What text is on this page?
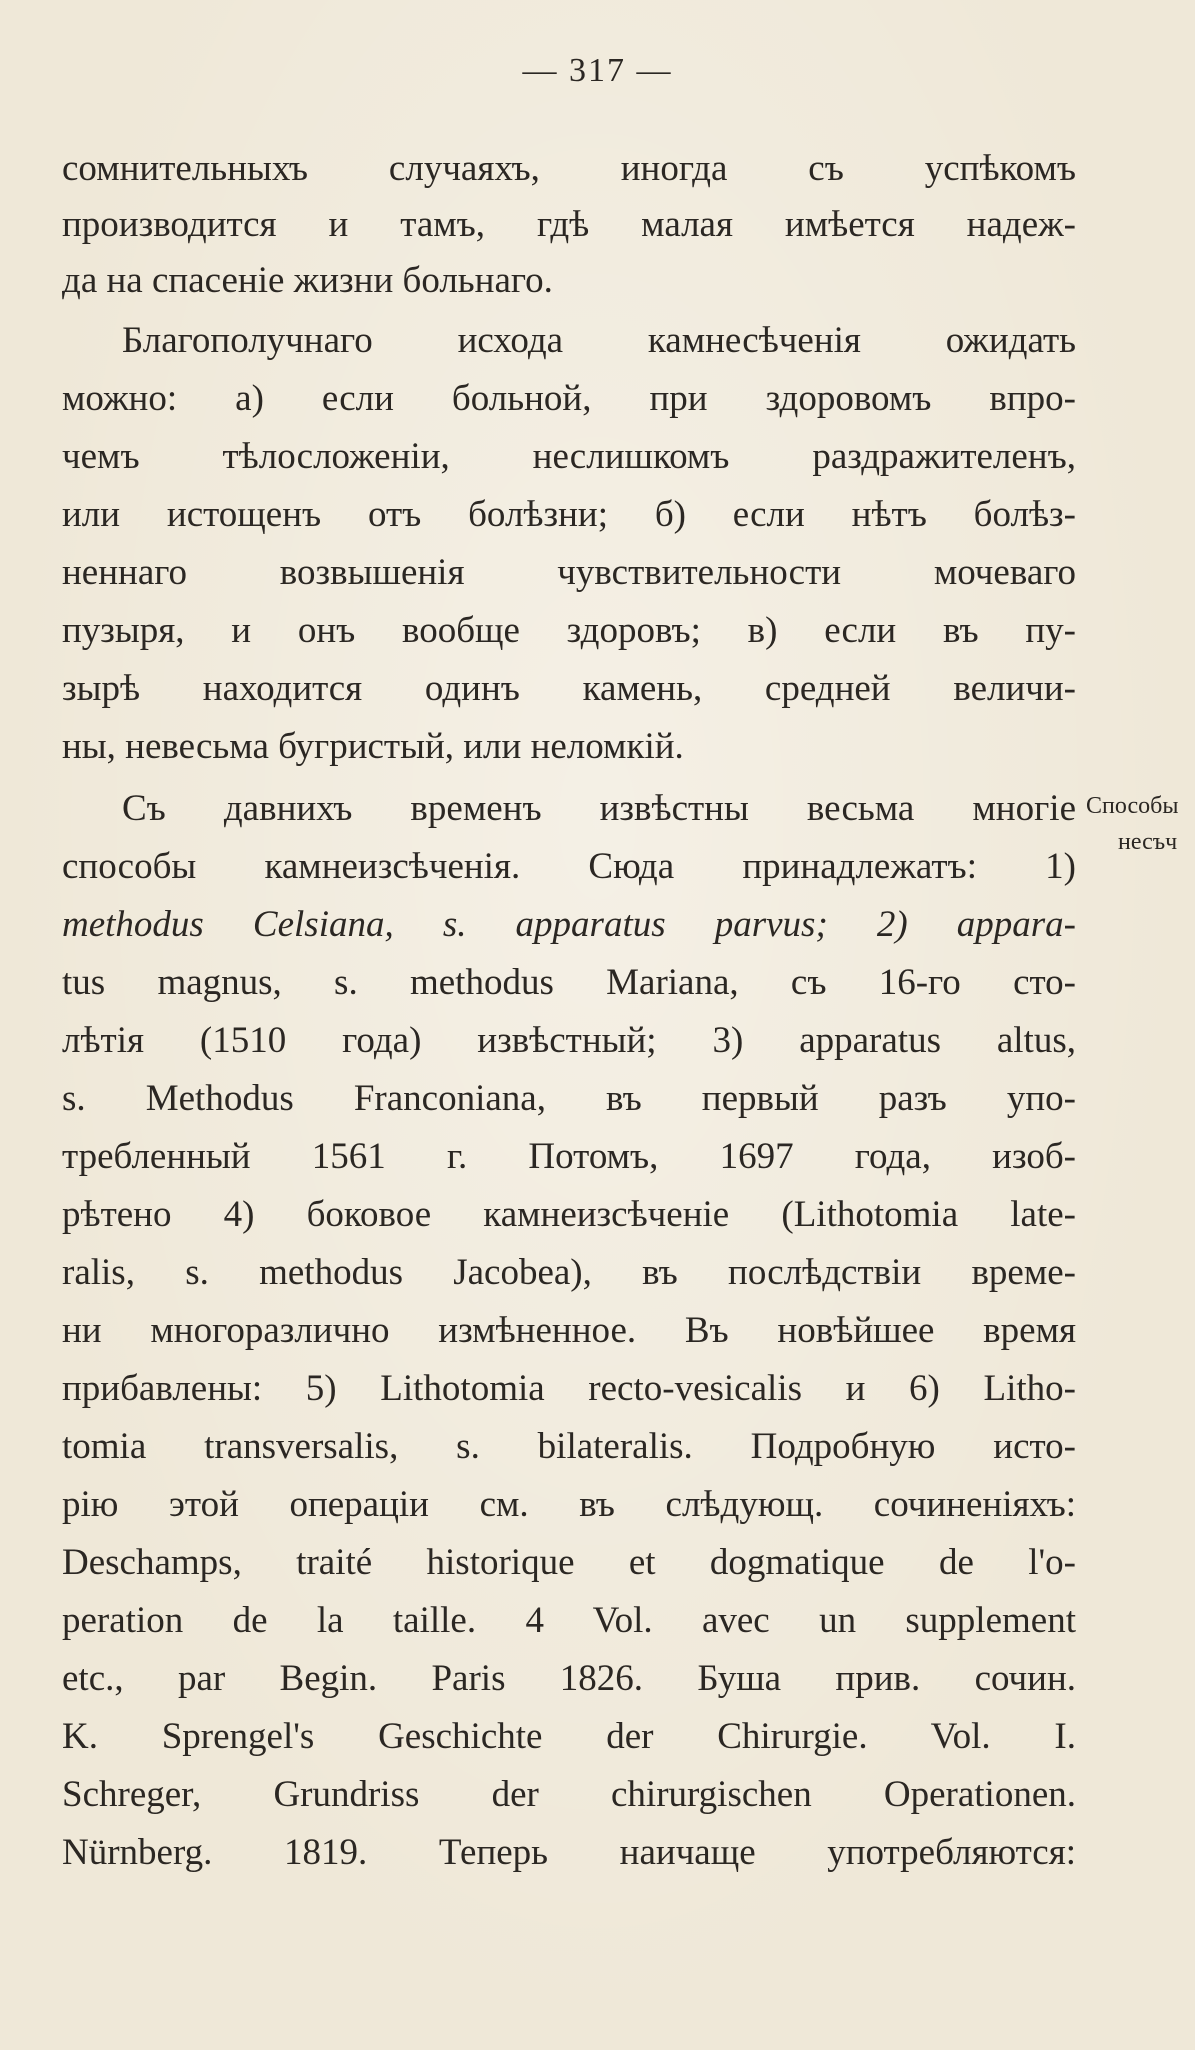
— 317 —
сомнительныхъ случаяхъ, иногда съ успѣкомъ
производится и тамъ, гдѣ малая имѣется надеж-
да на спасеніе жизни больнаго.
Благополучнаго исхода камнесѣченія ожидать
можно: а) если больной, при здоровомъ впро-
чемъ тѣлосложеніи, неслишкомъ раздражителенъ,
или истощенъ отъ болѣзни; б) если нѣтъ болѣз-
неннаго возвышенія чувствительности мочеваго
пузыря, и онъ вообще здоровъ; в) если въ пу-
зырѣ находится одинъ камень, средней величи-
ны, невесьма бугристый, или неломкій.
Съ давнихъ временъ извѣстны весьма многіе
способы камнеизсѣченія. Сюда принадлежатъ: 1)
methodus Celsiana, s. apparatus parvus; 2) appara-
tus magnus, s. methodus Mariana, съ 16-го сто-
лѣтія (1510 года) извѣстный; 3) apparatus altus,
s. Methodus Franconiana, въ первый разъ упо-
требленный 1561 г. Потомъ, 1697 года, изоб-
рѣтено 4) боковое камнеизсѣченіе (Lithotomia late-
ralis, s. methodus Jacobea), въ послѣдствіи време-
ни многоразлично измѣненное. Въ новѣйшее время
прибавлены: 5) Lithotomia recto-vesicalis и 6) Litho-
tomia transversalis, s. bilateralis. Подробную исто-
рію этой операціи см. въ слѣдующ. сочиненіяхъ:
Deschamps, traité historique et dogmatique de l'o-
peration de la taille. 4 Vol. avec un supplement
etc., par Begin. Paris 1826. Буша прив. сочин.
K. Sprengel's Geschichte der Chirurgie. Vol. I.
Schreger, Grundriss der chirurgischen Operationen.
Nürnberg. 1819. Теперь наичаще употребляются:
Способы
несъч
